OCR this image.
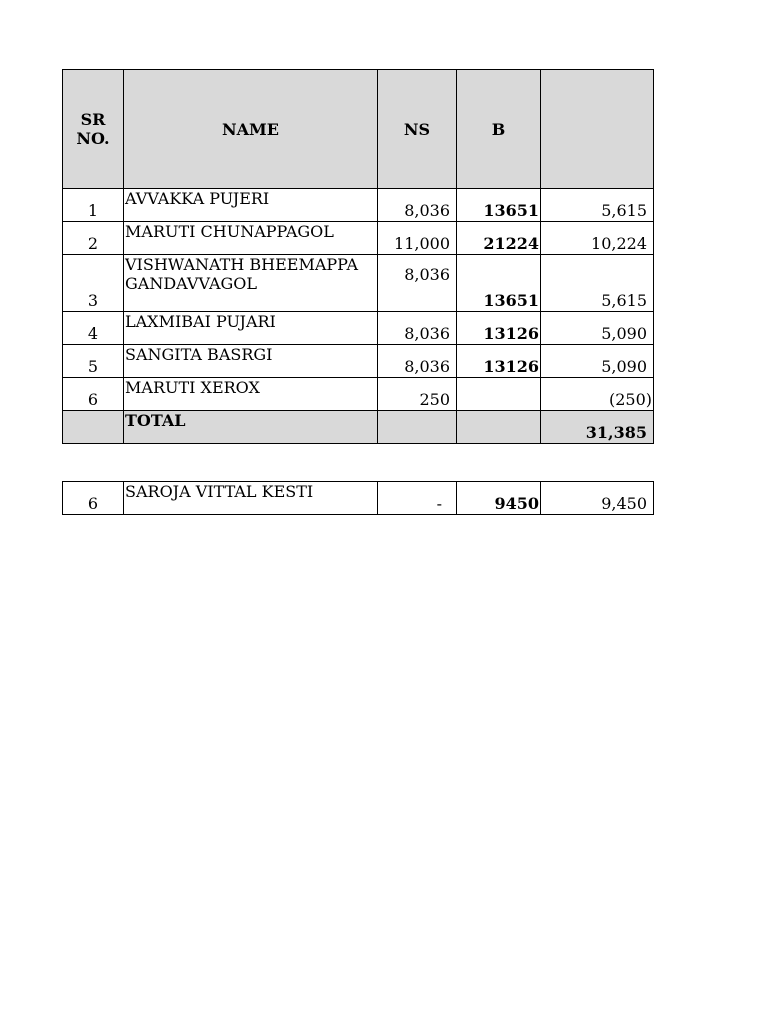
SR NO.	NAME	NS	B	
1	AVVAKKA PUJERI	8,036	13651	5,615
2	MARUTI CHUNAPPAGOL	11,000	21224	10,224
3	VISHWANATH BHEEMAPPA GANDAVVAGOL	8,036	13651	5,615
4	LAXMIBAI PUJARI	8,036	13126	5,090
5	SANGITA BASRGI	8,036	13126	5,090
6	MARUTI XEROX	250		(250)
	TOTAL			31,385
6	SAROJA VITTAL KESTI	-	9450	9,450
